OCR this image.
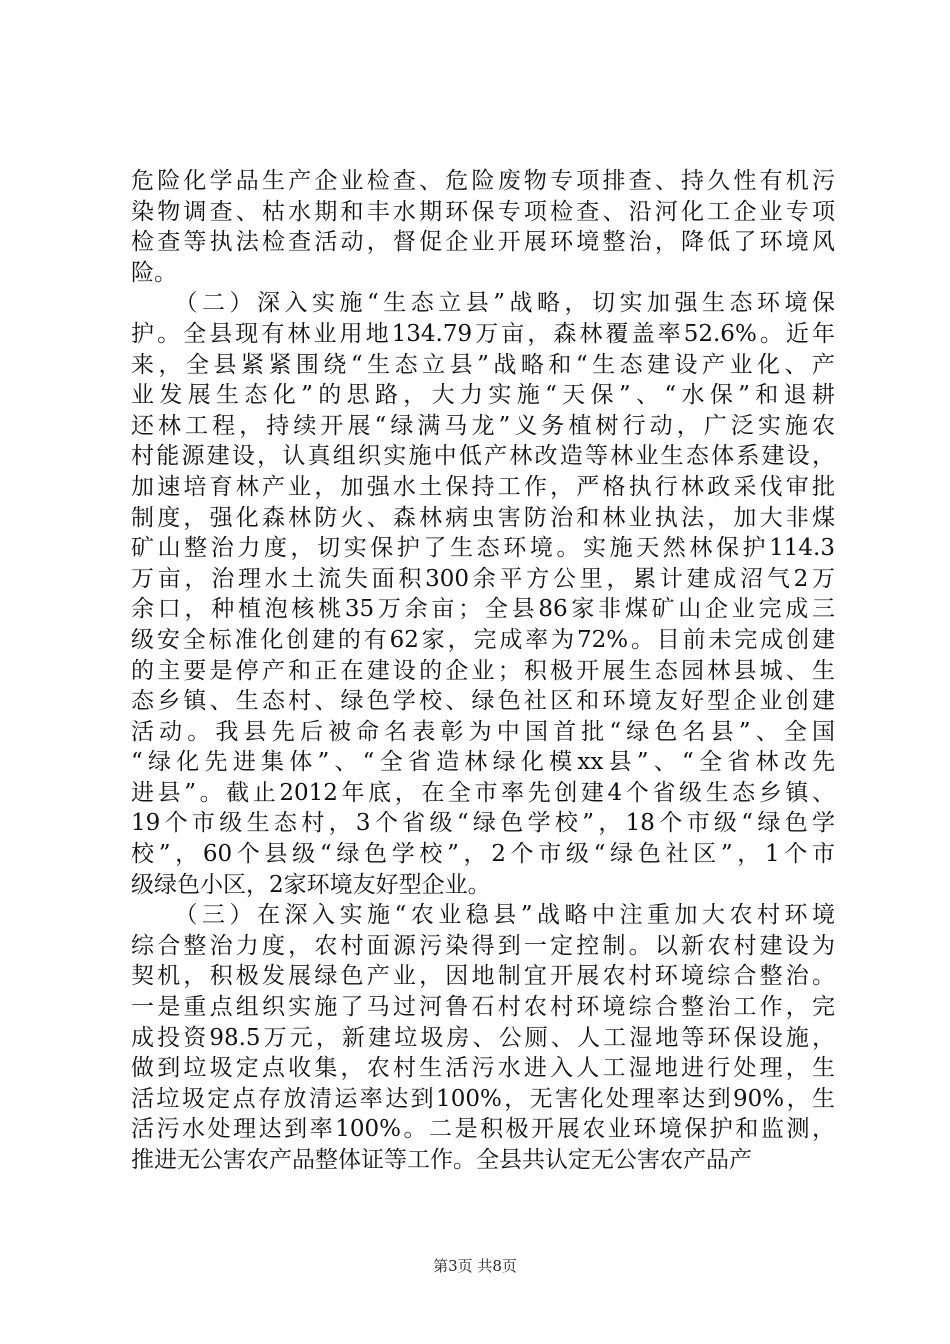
危险化学品生产企业检查、危险废物专项排查、持久性有机污
染物调查、枯水期和丰水期环保专项检查、沿河化工企业专项
检查等执法检查活动，督促企业开展环境整治，降低了环境风
险。
　　（二）深入实施“生态立县”战略，切实加强生态环境保
护。全县现有林业用地134.79万亩，森林覆盖率52.6%。近年
来，全县紧紧围绕“生态立县”战略和“生态建设产业化、产
业发展生态化”的思路，大力实施“天保”、“水保”和退耕
还林工程，持续开展“绿满马龙”义务植树行动，广泛实施农
村能源建设，认真组织实施中低产林改造等林业生态体系建设，
加速培育林产业，加强水土保持工作，严格执行林政采伐审批
制度，强化森林防火、森林病虫害防治和林业执法，加大非煤
矿山整治力度，切实保护了生态环境。实施天然林保护114.3
万亩，治理水土流失面积300余平方公里，累计建成沼气2万
余口，种植泡核桃35万余亩；全县86家非煤矿山企业完成三
级安全标准化创建的有62家，完成率为72%。目前未完成创建
的主要是停产和正在建设的企业；积极开展生态园林县城、生
态乡镇、生态村、绿色学校、绿色社区和环境友好型企业创建
活动。我县先后被命名表彰为中国首批“绿色名县”、全国
“绿化先进集体”、“全省造林绿化模xx县”、“全省林改先
进县”。截止2012年底，在全市率先创建4个省级生态乡镇、
19个市级生态村，3个省级“绿色学校”，18个市级“绿色学
校”，60个县级“绿色学校”，2个市级“绿色社区”，1个市
级绿色小区，2家环境友好型企业。
　　（三）在深入实施“农业稳县”战略中注重加大农村环境
综合整治力度，农村面源污染得到一定控制。以新农村建设为
契机，积极发展绿色产业，因地制宜开展农村环境综合整治。
一是重点组织实施了马过河鲁石村农村环境综合整治工作，完
成投资98.5万元，新建垃圾房、公厕、人工湿地等环保设施，
做到垃圾定点收集，农村生活污水进入人工湿地进行处理，生
活垃圾定点存放清运率达到100%，无害化处理率达到90%，生
活污水处理达到率100%。二是积极开展农业环境保护和监测，
推进无公害农产品整体证等工作。全县共认定无公害农产品产
第3页 共8页
